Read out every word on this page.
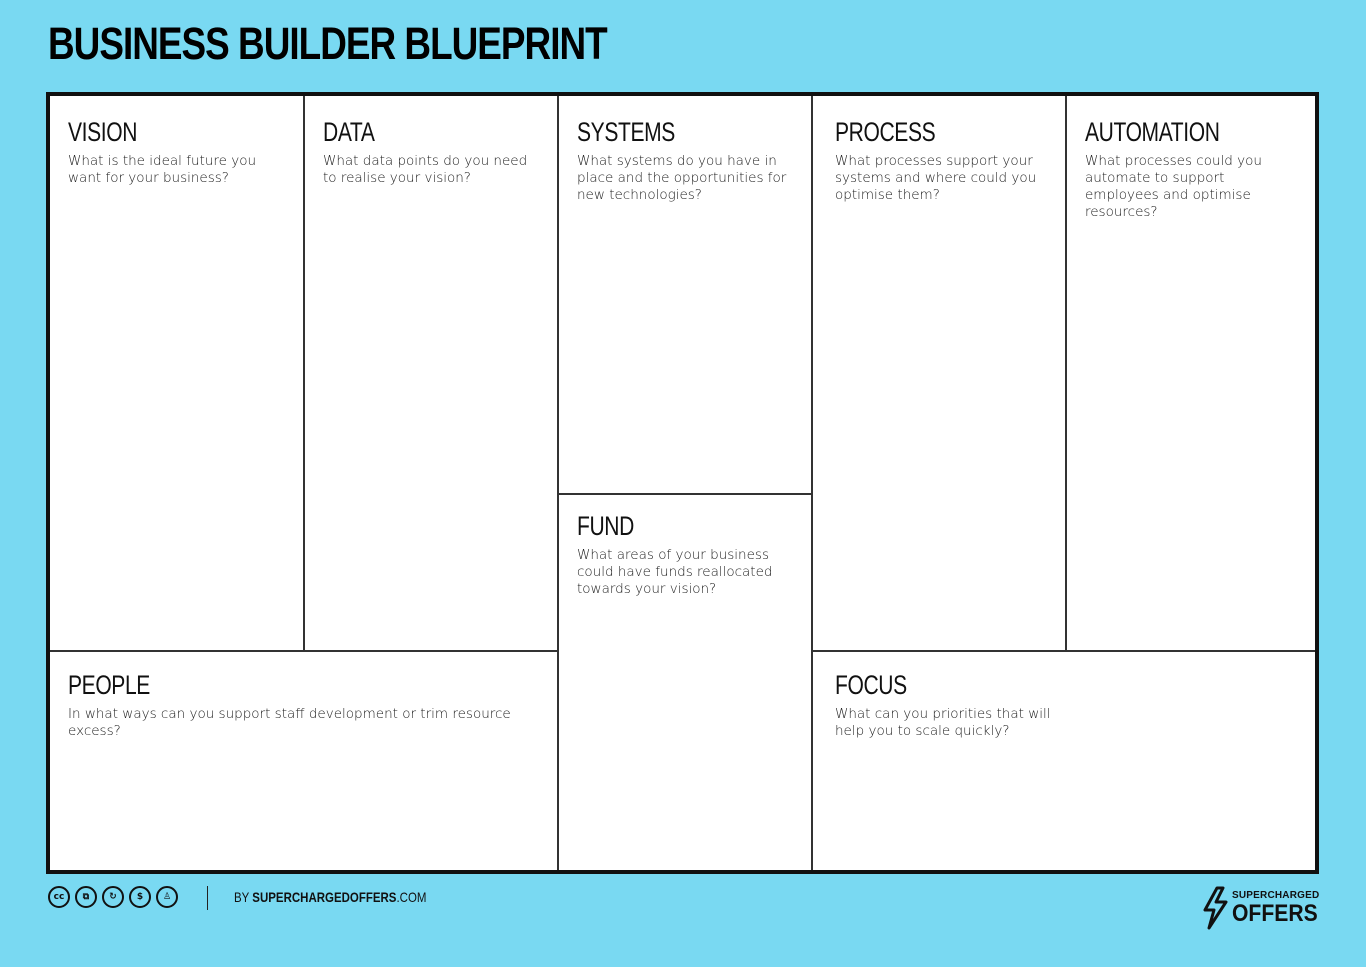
BUSINESS BUILDER BLUEPRINT
VISION
What is the ideal future you want for your business?
DATA
What data points do you need to realise your vision?
SYSTEMS
What systems do you have in place and the opportunities for new technologies?
FUND
What areas of your business could have funds reallocated towards your vision?
PROCESS
What processes support your systems and where could you optimise them?
AUTOMATION
What processes could you automate to support employees and optimise resources?
PEOPLE
In what ways can you support staff development or trim resource excess?
FOCUS
What can you priorities that will help you to scale quickly?
cc	⧉	↻	$	♙	BY SUPERCHARGEDOFFERS.COM	SUPERCHARGED
OFFERS
